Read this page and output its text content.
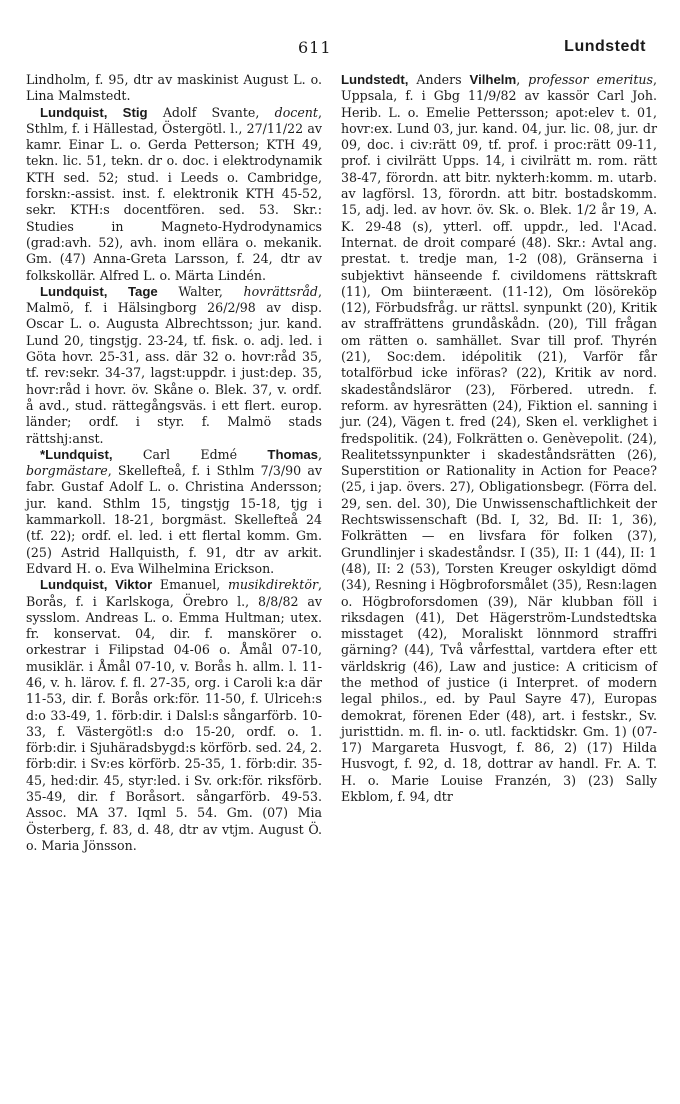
611	Lundstedt

Lindholm, f. 95, dtr av maskinist August L. o. Lina Malmstedt.

Lundquist, Stig Adolf Svante, docent, Sthlm, f. i Hällestad, Östergötl. l., 27/11/22 av kamr. Einar L. o. Gerda Petterson; KTH 49, tekn. lic. 51, tekn. dr o. doc. i elektrodynamik KTH sed. 52; stud. i Leeds o. Cambridge, forskn:-assist. inst. f. elektronik KTH 45-52, sekr. KTH:s docentfören. sed. 53. Skr.: Studies in Magneto-Hydrodynamics (grad:avh. 52), avh. inom ellära o. mekanik. Gm. (47) Anna-Greta Larsson, f. 24, dtr av folkskollär. Alfred L. o. Märta Lindén.

Lundquist, Tage Walter, hovrättsråd, Malmö, f. i Hälsingborg 26/2/98 av disp. Oscar L. o. Augusta Albrechtsson; jur. kand. Lund 20, tingstjg. 23-24, tf. fisk. o. adj. led. i Göta hovr. 25-31, ass. där 32 o. hovr:råd 35, tf. rev:sekr. 34-37, lagst:uppdr. i just:dep. 35, hovr:råd i hovr. öv. Skåne o. Blek. 37, v. ordf. å avd., stud. rättegångsväs. i ett flert. europ. länder; ordf. i styr. f. Malmö stads rättshj:anst.

*Lundquist, Carl Edmé Thomas, borgmästare, Skellefteå, f. i Sthlm 7/3/90 av fabr. Gustaf Adolf L. o. Christina Andersson; jur. kand. Sthlm 15, tingstjg 15-18, tjg i kammarkoll. 18-21, borgmäst. Skellefteå 24 (tf. 22); ordf. el. led. i ett flertal komm. Gm. (25) Astrid Hallquisth, f. 91, dtr av arkit. Edvard H. o. Eva Wilhelmina Erickson.

Lundquist, Viktor Emanuel, musikdirektör, Borås, f. i Karlskoga, Örebro l., 8/8/82 av sysslom. Andreas L. o. Emma Hultman; utex. fr. konservat. 04, dir. f. manskörer o. orkestrar i Filipstad 04-06 o. Åmål 07-10, musiklär. i Åmål 07-10, v. Borås h. allm. l. 11-46, v. h. lärov. f. fl. 27-35, org. i Caroli k:a där 11-53, dir. f. Borås ork:för. 11-50, f. Ulriceh:s d:o 33-49, 1. förb:dir. i Dalsl:s sångarförb. 10-33, f. Västergötl:s d:o 15-20, ordf. o. 1. förb:dir. i Sjuhäradsbygd:s körförb. sed. 24, 2. förb:dir. i Sv:es körförb. 25-35, 1. förb:dir. 35-45, hed:dir. 45, styr:led. i Sv. ork:för. riksförb. 35-49, dir. f Boråsort. sångarförb. 49-53. Assoc. MA 37. Iqml 5. 54. Gm. (07) Mia Österberg, f. 83, d. 48, dtr av vtjm. August Ö. o. Maria Jönsson.

Lundstedt, Anders Vilhelm, professor emeritus, Uppsala, f. i Gbg 11/9/82 av kassör Carl Joh. Herib. L. o. Emelie Pettersson; apot:elev t. 01, hovr:ex. Lund 03, jur. kand. 04, jur. lic. 08, jur. dr 09, doc. i civ:rätt 09, tf. prof. i proc:rätt 09-11, prof. i civilrätt Upps. 14, i civilrätt m. rom. rätt 38-47, förordn. att bitr. nykterh:komm. m. utarb. av lagförsl. 13, förordn. att bitr. bostadskomm. 15, adj. led. av hovr. öv. Sk. o. Blek. 1/2 år 19, A. K. 29-48 (s), ytterl. off. uppdr., led. l'Acad. Internat. de droit comparé (48). Skr.: Avtal ang. prestat. t. tredje man, 1-2 (08), Gränserna i subjektivt hänseende f. civildomens rättskraft (11), Om biinteræent. (11-12), Om lösöreköp (12), Förbudsfråg. ur rättsl. synpunkt (20), Kritik av straffrättens grundåskådn. (20), Till frågan om rätten o. samhället. Svar till prof. Thyrén (21), Soc:dem. idépolitik (21), Varför får totalförbud icke införas? (22), Kritik av nord. skadeståndsläror (23), Förbered. utredn. f. reform. av hyresrätten (24), Fiktion el. sanning i jur. (24), Vägen t. fred (24), Sken el. verklighet i fredspolitik. (24), Folkrätten o. Genèvepolit. (24), Realitetssynpunkter i skadeståndsrätten (26), Superstition or Rationality in Action for Peace? (25, i jap. övers. 27), Obligationsbegr. (Förra del. 29, sen. del. 30), Die Unwissenschaftlichkeit der Rechtswissenschaft (Bd. I, 32, Bd. II: 1, 36), Folkrätten — en livsfara för folken (37), Grundlinjer i skadeståndsr. I (35), II: 1 (44), II: 1 (48), II: 2 (53), Torsten Kreuger oskyldigt dömd (34), Resning i Högbroforsmålet (35), Resn:lagen o. Högbroforsdomen (39), När klubban föll i riksdagen (41), Det Hägerström-Lundstedtska misstaget (42), Moraliskt lönnmord straffri gärning? (44), Två vårfesttal, vartdera efter ett världskrig (46), Law and justice: A criticism of the method of justice (i Interpret. of modern legal philos., ed. by Paul Sayre 47), Europas demokrat, förenen Eder (48), art. i festskr., Sv. juristtidn. m. fl. in- o. utl. facktidskr. Gm. 1) (07-17) Margareta Husvogt, f. 86, 2) (17) Hilda Husvogt, f. 92, d. 18, dottrar av handl. Fr. A. T. H. o. Marie Louise Franzén, 3) (23) Sally Ekblom, f. 94, dtr
